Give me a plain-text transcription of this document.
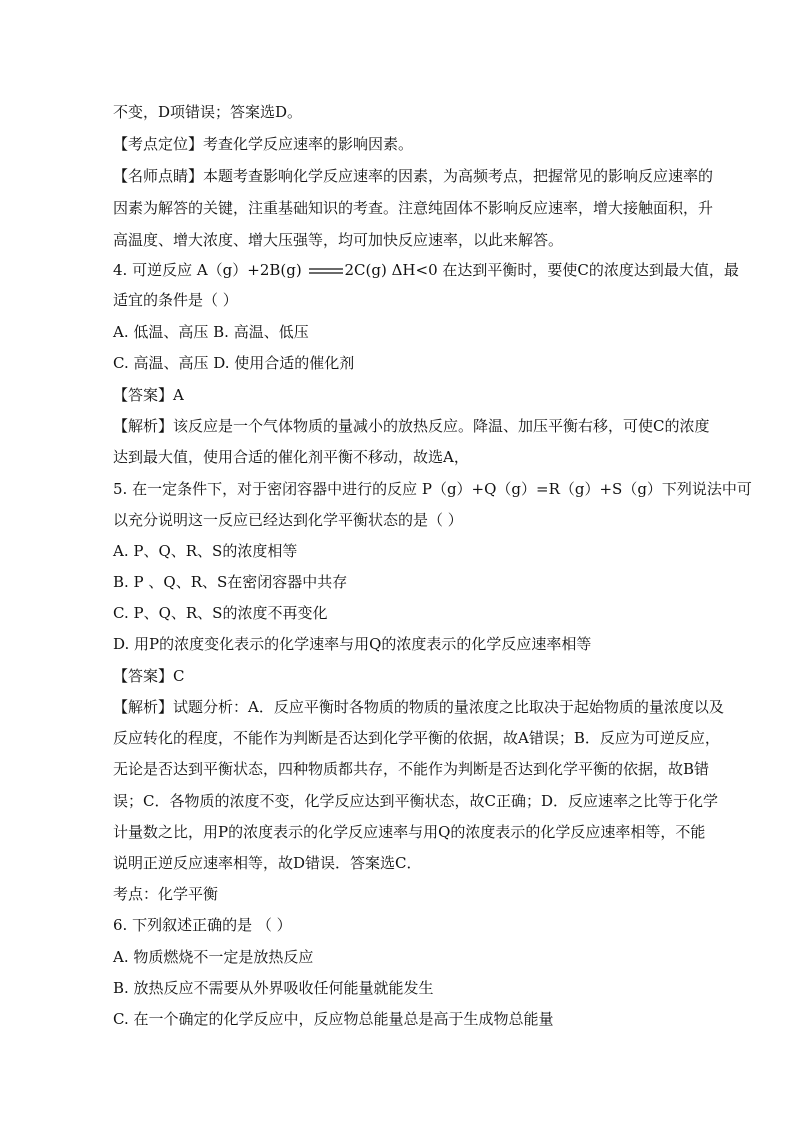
不变，D项错误；答案选D。
【考点定位】考查化学反应速率的影响因素。
【名师点睛】本题考查影响化学反应速率的因素，为高频考点，把握常见的影响反应速率的
因素为解答的关键，注重基础知识的考查。注意纯固体不影响反应速率，增大接触面积，升
高温度、增大浓度、增大压强等，均可加快反应速率，以此来解答。
4. 可逆反应 A（g）+2B(g)	2C(g) ΔH<0 在达到平衡时，要使C的浓度达到最大值，最
适宜的条件是（ ）
A. 低温、高压 B. 高温、低压
C. 高温、高压 D. 使用合适的催化剂
【答案】A
【解析】该反应是一个气体物质的量减小的放热反应。降温、加压平衡右移，可使C的浓度
达到最大值，使用合适的催化剂平衡不移动，故选A，
5. 在一定条件下，对于密闭容器中进行的反应 P（g）+Q（g）=R（g）+S（g）下列说法中可
以充分说明这一反应已经达到化学平衡状态的是（ ）
A. P、Q、R、S的浓度相等
B. P 、Q、R、S在密闭容器中共存
C. P、Q、R、S的浓度不再变化
D. 用P的浓度变化表示的化学速率与用Q的浓度表示的化学反应速率相等
【答案】C
【解析】试题分析：A．反应平衡时各物质的物质的量浓度之比取决于起始物质的量浓度以及
反应转化的程度，不能作为判断是否达到化学平衡的依据，故A错误；B．反应为可逆反应，
无论是否达到平衡状态，四种物质都共存，不能作为判断是否达到化学平衡的依据，故B错
误；C．各物质的浓度不变，化学反应达到平衡状态，故C正确；D．反应速率之比等于化学
计量数之比，用P的浓度表示的化学反应速率与用Q的浓度表示的化学反应速率相等，不能
说明正逆反应速率相等，故D错误．答案选C．
考点：化学平衡
6. 下列叙述正确的是 （ ）
A. 物质燃烧不一定是放热反应
B. 放热反应不需要从外界吸收任何能量就能发生
C. 在一个确定的化学反应中，反应物总能量总是高于生成物总能量
